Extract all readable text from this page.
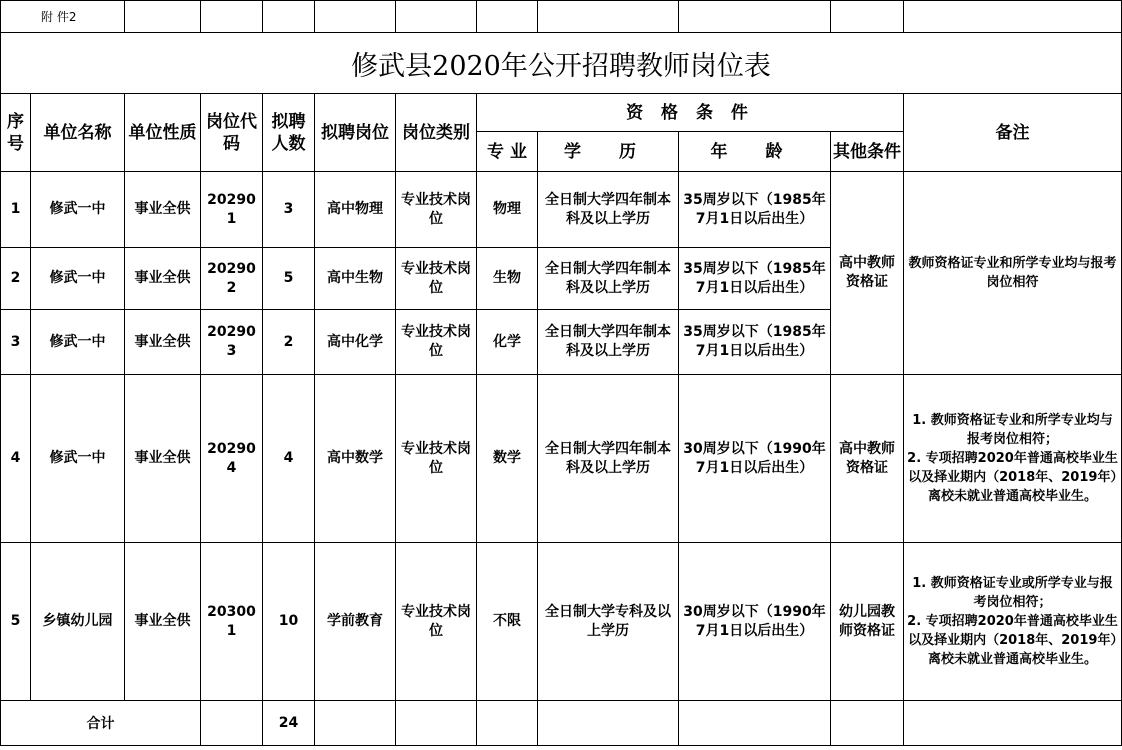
附 件2											
修武县2020年公开招聘教师岗位表											
序号	单位名称	单位性质	岗位代码	拟聘人数	拟聘岗位	岗位类别	资 格 条 件				备注
							专 业	学 历	年 龄	其他条件	
1	修武一中	事业全供	202901	3	高中物理	专业技术岗位	物理	全日制大学四年制本科及以上学历	35周岁以下（1985年7月1日以后出生）	高中教师资格证	教师资格证专业和所学专业均与报考岗位相符
2	修武一中	事业全供	202902	5	高中生物	专业技术岗位	生物	全日制大学四年制本科及以上学历	35周岁以下（1985年7月1日以后出生）		
3	修武一中	事业全供	202903	2	高中化学	专业技术岗位	化学	全日制大学四年制本科及以上学历	35周岁以下（1985年7月1日以后出生）		
4	修武一中	事业全供	202904	4	高中数学	专业技术岗位	数学	全日制大学四年制本科及以上学历	30周岁以下（1990年7月1日以后出生）	高中教师资格证	1. 教师资格证专业和所学专业均与报考岗位相符；
2. 专项招聘2020年普通高校毕业生以及择业期内（2018年、2019年）离校未就业普通高校毕业生。
5	乡镇幼儿园	事业全供	203001	10	学前教育	专业技术岗位	不限	全日制大学专科及以上学历	30周岁以下（1990年7月1日以后出生）	幼儿园教师资格证	1. 教师资格证专业或所学专业与报考岗位相符；
2. 专项招聘2020年普通高校毕业生以及择业期内（2018年、2019年）离校未就业普通高校毕业生。
合计				24							
